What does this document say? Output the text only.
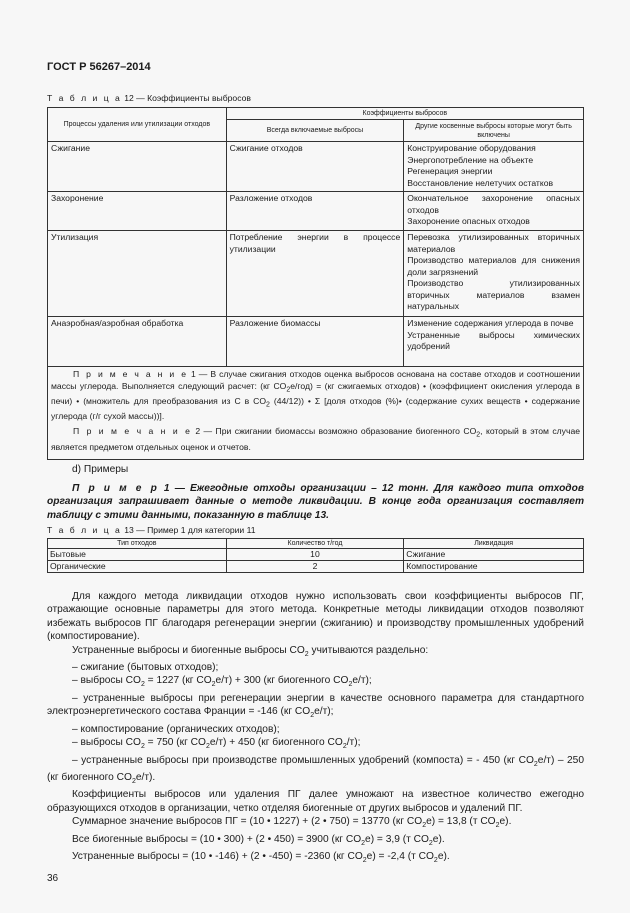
ГОСТ Р 56267–2014
Т а б л и ц а 12 — Коэффициенты выбросов
Процессы удаления или утилизации отходов	Коэффициенты выбросов	
	Всегда включаемые выбросы	Другие косвенные выбросы которые могут быть включены
Сжигание	Сжигание отходов	Конструирование оборудования
Энергопотребление на объекте
Регенерация энергии
Восстановление нелетучих остатков
Захоронение	Разложение отходов	Окончательное захоронение опасных отходов
Захоронение опасных отходов
Утилизация	Потребление энергии в процессе утилизации	Перевозка утилизированных вторичных материалов
Производство материалов для снижения доли загрязнений
Производство утилизированных вторичных материалов взамен натуральных
Анаэробная/аэробная обработка	Разложение биомассы	Изменение содержания углерода в почве
Устраненные выбросы химических удобрений

П р и м е ч а н и е 1 — В случае сжигания отходов оценка выбросов основана на составе отходов и соотношении массы углерода. Выполняется следующий расчет: (кг $CO_2е/год) = (кг$ сжигаемых отходов) • (коэффициент окисления углерода в печи) • (множитель для преобразования из C в $CO_2$ (44/12)) • Σ [доля отходов (%)• (содержание сухих веществ • содержание углерода (г/г сухой массы))].

П р и м е ч а н и е 2 — При сжигании биомассы возможно образование биогенного $CO_2$, который в этом случае является предметом отдельных оценок и отчетов.		

d) Примеры

П р и м е р 1 — Ежегодные отходы организации – 12 тонн. Для каждого типа отходов организация запрашивает данные о методе ликвидации. В конце года организация составляет таблицу с этими данными, показанную в таблице 13.

Т а б л и ц а 13 — Пример 1 для категории 11
Тип отходов	Количество т/год	Ликвидация
Бытовые	10	Сжигание
Органические	2	Компостирование

Для каждого метода ликвидации отходов нужно использовать свои коэффициенты выбросов ПГ, отражающие основные параметры для этого метода. Конкретные методы ликвидации отходов позволяют избежать выбросов ПГ благодаря регенерации энергии (сжиганию) и производству промышленных удобрений (компостирование).

Устраненные выбросы и биогенные выбросы $CO_2$ учитываются раздельно:

– сжигание (бытовых отходов);

– выбросы $CO_2 = 1227$ (кг $CO_2е/т) + 300$ (кг биогенного $CO_2е/т$);

– устраненные выбросы при регенерации энергии в качестве основного параметра для стандартного электроэнергетического состава Франции = -146 (кг $CO_2е/т$);

– компостирование (органических отходов);

– выбросы $CO_2 = 750$ (кг $CO_2е/т) + 450$ (кг биогенного $CO_2/т$);

– устраненные выбросы при производстве промышленных удобрений (компоста) = - 450 (кг $CO_2е/т) - 250$ (кг биогенного $CO_2е/т$).

Коэффициенты выбросов или удаления ПГ далее умножают на известное количество ежегодно образующихся отходов в организации, четко отделяя биогенные от других выбросов и удалений ПГ.

Суммарное значение выбросов ПГ = (10 • 1227) + (2 • 750) = 13770 (кг $CO_2е) = 13,8$ (т $CO_2е$).

Все биогенные выбросы = (10 • 300) + (2 • 450) = 3900 (кг $CO_2е) = 3,9$ (т $CO_2е$).

Устраненные выбросы = (10 • -146) + (2 • -450) = -2360 (кг $CO_2е) = -2,4$ (т $CO_2е$).

36
